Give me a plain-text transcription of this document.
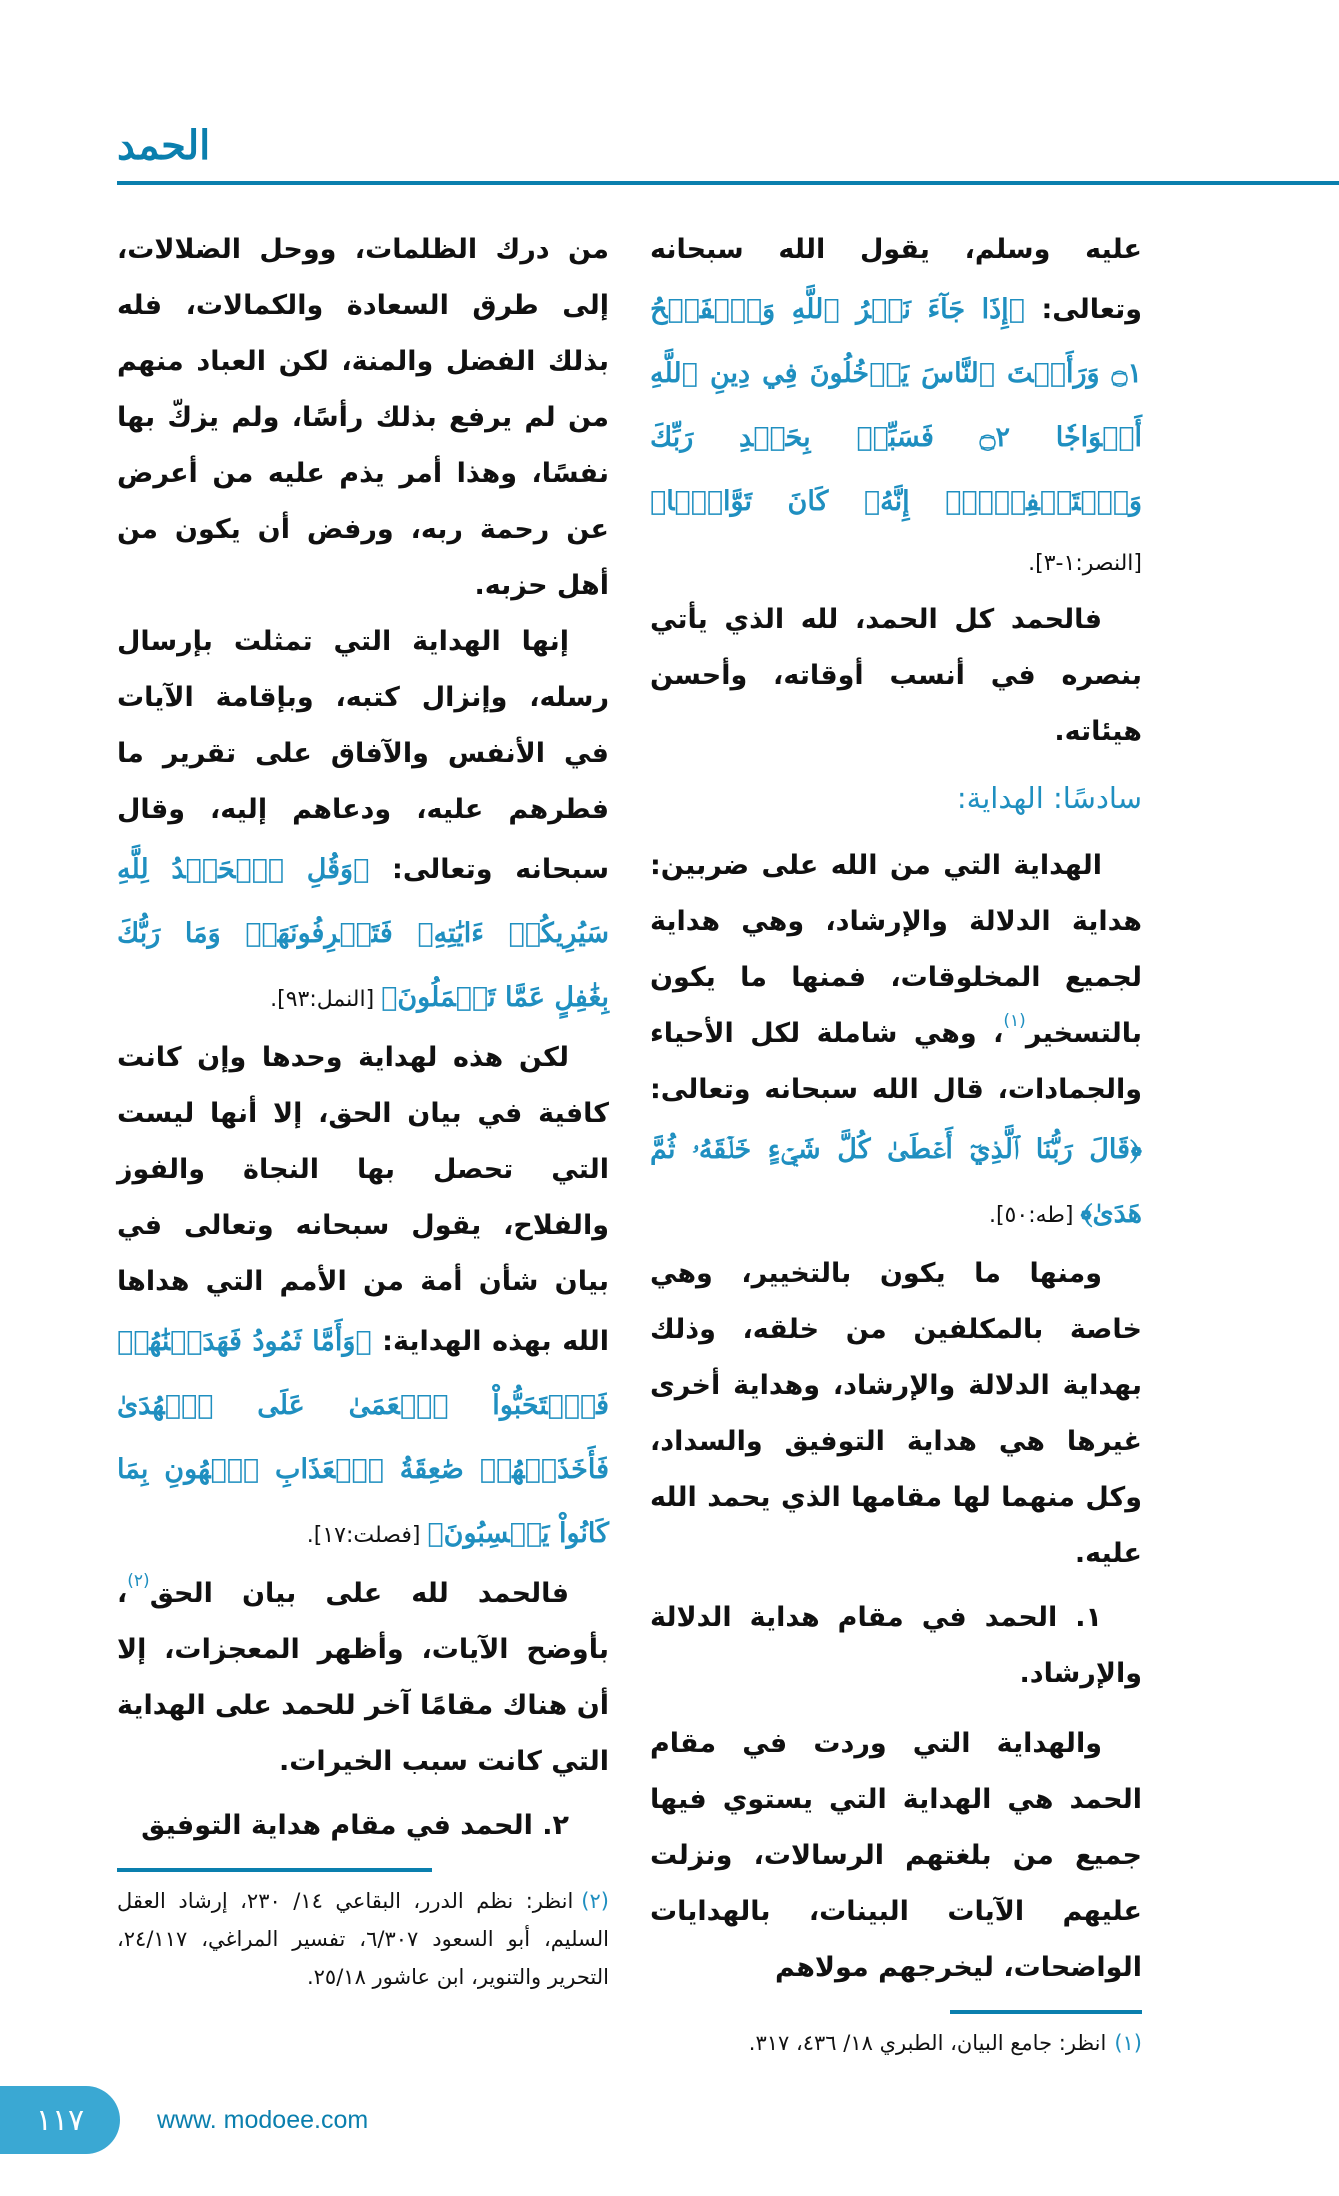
الحمد

عليه وسلم، يقول الله سبحانه وتعالى: ﴿إِذَا جَآءَ نَصۡرُ ٱللَّهِ وَٱلۡفَتۡحُ ۝١ وَرَأَيۡتَ ٱلنَّاسَ يَدۡخُلُونَ فِي دِينِ ٱللَّهِ أَفۡوَاجٗا ۝٢ فَسَبِّحۡ بِحَمۡدِ رَبِّكَ وَٱسۡتَغۡفِرۡهُۚ إِنَّهُۥ كَانَ تَوَّابَۢا﴾ [النصر:١-٣].

فالحمد كل الحمد، لله الذي يأتي بنصره في أنسب أوقاته، وأحسن هيئاته.

سادسًا: الهداية:

الهداية التي من الله على ضربين: هداية الدلالة والإرشاد، وهي هداية لجميع المخلوقات، فمنها ما يكون بالتسخير$^{(١)}$، وهي شاملة لكل الأحياء والجمادات، قال الله سبحانه وتعالى: ﴿قَالَ رَبُّنَا ٱلَّذِيٓ أَعۡطَىٰ كُلَّ شَيۡءٍ خَلۡقَهُۥ ثُمَّ هَدَىٰ﴾ [طه:٥٠].

ومنها ما يكون بالتخيير، وهي خاصة بالمكلفين من خلقه، وذلك بهداية الدلالة والإرشاد، وهداية أخرى غيرها هي هداية التوفيق والسداد، وكل منهما لها مقامها الذي يحمد الله عليه.

١. الحمد في مقام هداية الدلالة والإرشاد.

والهداية التي وردت في مقام الحمد هي الهداية التي يستوي فيها جميع من بلغتهم الرسالات، ونزلت عليهم الآيات البينات، بالهدايات الواضحات، ليخرجهم مولاهم

(١)انظر: جامع البيان، الطبري ١٨/ ٤٣٦، ٣١٧.

من درك الظلمات، ووحل الضلالات، إلى طرق السعادة والكمالات، فله بذلك الفضل والمنة، لكن العباد منهم من لم يرفع بذلك رأسًا، ولم يزكّ بها نفسًا، وهذا أمر يذم عليه من أعرض عن رحمة ربه، ورفض أن يكون من أهل حزبه.

إنها الهداية التي تمثلت بإرسال رسله، وإنزال كتبه، وبإقامة الآيات في الأنفس والآفاق على تقرير ما فطرهم عليه، ودعاهم إليه، وقال سبحانه وتعالى: ﴿وَقُلِ ٱلۡحَمۡدُ لِلَّهِ سَيُرِيكُمۡ ءَايَٰتِهِۦ فَتَعۡرِفُونَهَاۚ وَمَا رَبُّكَ بِغَٰفِلٍ عَمَّا تَعۡمَلُونَ﴾ [النمل:٩٣].

لكن هذه لهداية وحدها وإن كانت كافية في بيان الحق، إلا أنها ليست التي تحصل بها النجاة والفوز والفلاح، يقول سبحانه وتعالى في بيان شأن أمة من الأمم التي هداها الله بهذه الهداية: ﴿وَأَمَّا ثَمُودُ فَهَدَيۡنَٰهُمۡ فَٱسۡتَحَبُّواْ ٱلۡعَمَىٰ عَلَى ٱلۡهُدَىٰ فَأَخَذَتۡهُمۡ صَٰعِقَةُ ٱلۡعَذَابِ ٱلۡهُونِ بِمَا كَانُواْ يَكۡسِبُونَ﴾ [فصلت:١٧].

فالحمد لله على بيان الحق$^{(٢)}$، بأوضح الآيات، وأظهر المعجزات، إلا أن هناك مقامًا آخر للحمد على الهداية التي كانت سبب الخيرات.

٢. الحمد في مقام هداية التوفيق

(٢)انظر: نظم الدرر، البقاعي ١٤/ ٢٣٠، إرشاد العقل السليم، أبو السعود ٦/٣٠٧، تفسير المراغي، ٢٤/١١٧، التحرير والتنوير، ابن عاشور ٢٥/١٨.
١١٧	www. modoee.com
